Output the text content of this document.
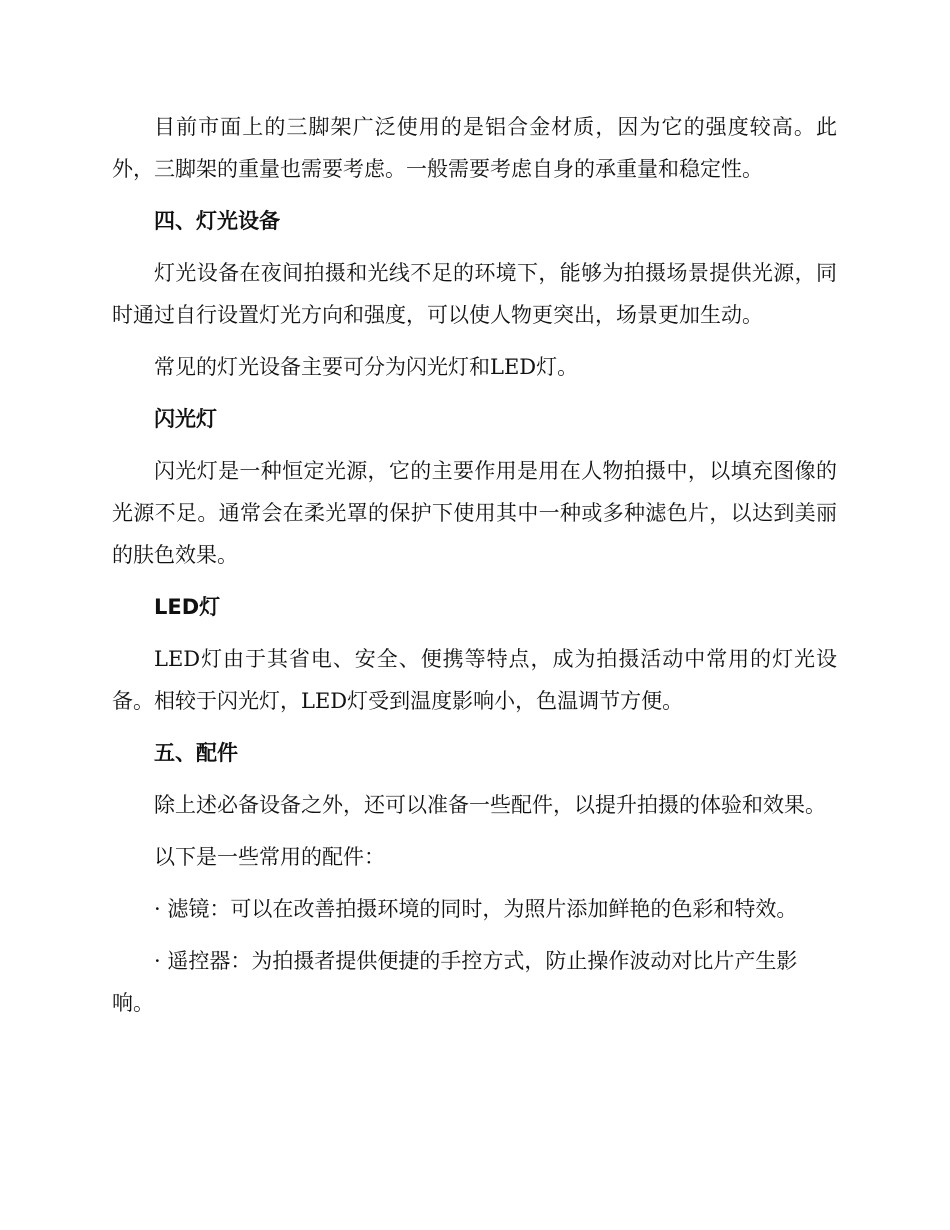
目前市面上的三脚架广泛使用的是铝合金材质，因为它的强度较高。此外，三脚架的重量也需要考虑。一般需要考虑自身的承重量和稳定性。

四、灯光设备

灯光设备在夜间拍摄和光线不足的环境下，能够为拍摄场景提供光源，同时通过自行设置灯光方向和强度，可以使人物更突出，场景更加生动。

常见的灯光设备主要可分为闪光灯和LED灯。

闪光灯

闪光灯是一种恒定光源，它的主要作用是用在人物拍摄中，以填充图像的光源不足。通常会在柔光罩的保护下使用其中一种或多种滤色片，以达到美丽的肤色效果。

LED灯

LED灯由于其省电、安全、便携等特点，成为拍摄活动中常用的灯光设备。相较于闪光灯，LED灯受到温度影响小，色温调节方便。

五、配件

除上述必备设备之外，还可以准备一些配件，以提升拍摄的体验和效果。

以下是一些常用的配件：

· 滤镜：可以在改善拍摄环境的同时，为照片添加鲜艳的色彩和特效。

· 遥控器：为拍摄者提供便捷的手控方式，防止操作波动对比片产生影响。
